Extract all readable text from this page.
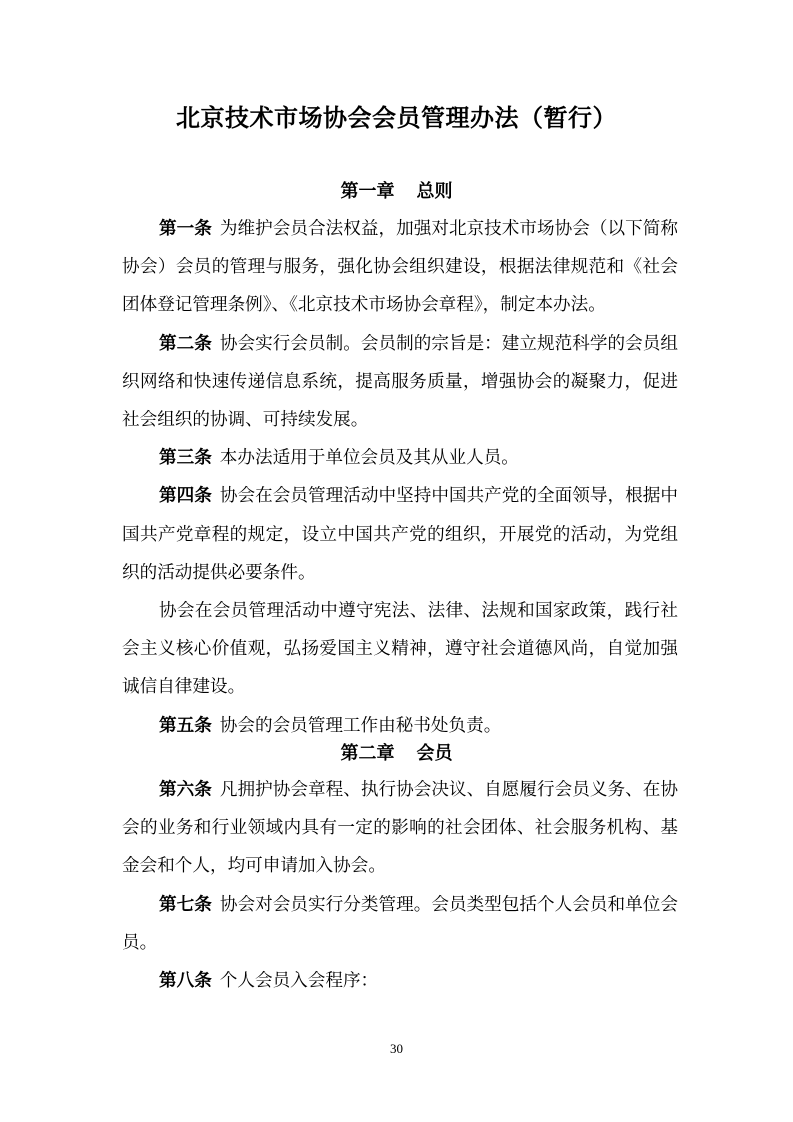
北京技术市场协会会员管理办法（暂行）
第一章 总则

第一条 为维护会员合法权益，加强对北京技术市场协会（以下简称协会）会员的管理与服务，强化协会组织建设，根据法律规范和《社会团体登记管理条例》、《北京技术市场协会章程》，制定本办法。

第二条 协会实行会员制。会员制的宗旨是：建立规范科学的会员组织网络和快速传递信息系统，提高服务质量，增强协会的凝聚力，促进社会组织的协调、可持续发展。

第三条 本办法适用于单位会员及其从业人员。

第四条 协会在会员管理活动中坚持中国共产党的全面领导，根据中国共产党章程的规定，设立中国共产党的组织，开展党的活动，为党组织的活动提供必要条件。

协会在会员管理活动中遵守宪法、法律、法规和国家政策，践行社会主义核心价值观，弘扬爱国主义精神，遵守社会道德风尚，自觉加强诚信自律建设。

第五条 协会的会员管理工作由秘书处负责。

第二章 会员

第六条 凡拥护协会章程、执行协会决议、自愿履行会员义务、在协会的业务和行业领域内具有一定的影响的社会团体、社会服务机构、基金会和个人，均可申请加入协会。

第七条 协会对会员实行分类管理。会员类型包括个人会员和单位会员。

第八条 个人会员入会程序：

30
